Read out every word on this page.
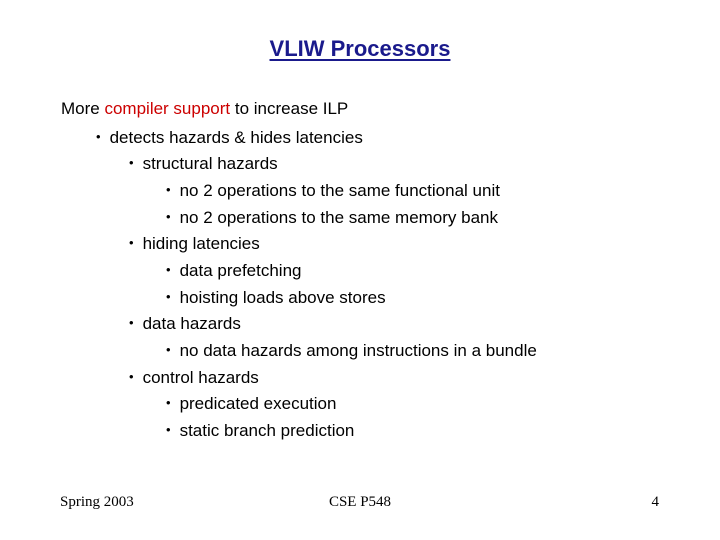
VLIW Processors
More compiler support to increase ILP
• detects hazards & hides latencies
• structural hazards
• no 2 operations to the same functional unit
• no 2 operations to the same memory bank
• hiding latencies
• data prefetching
• hoisting loads above stores
• data hazards
• no data hazards among instructions in a bundle
• control hazards
• predicated execution
• static branch prediction
Spring 2003	CSE P548	4
